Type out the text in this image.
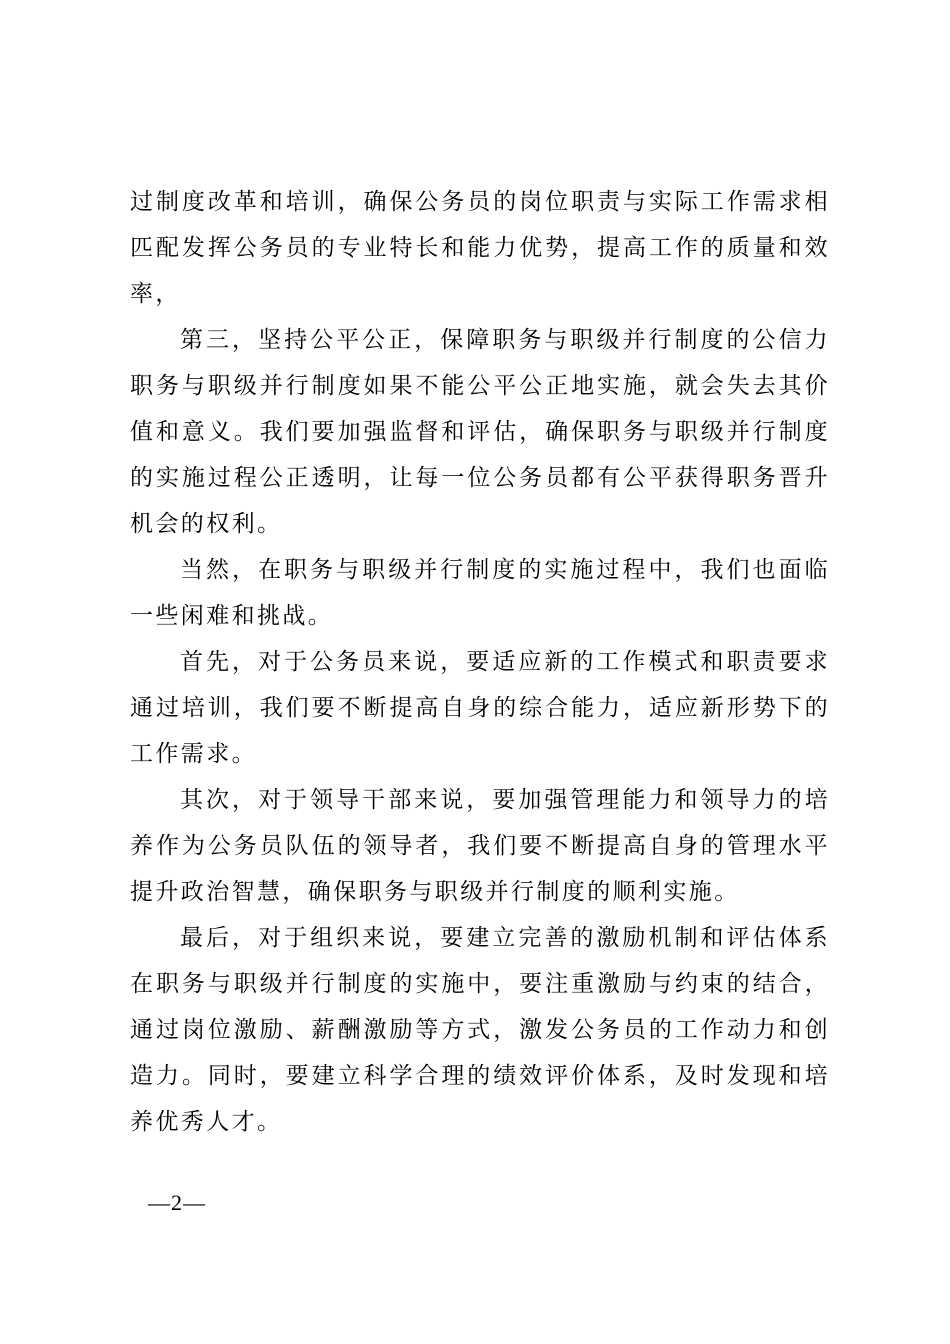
过制度改革和培训，确保公务员的岗位职责与实际工作需求相匹配发挥公务员的专业特长和能力优势，提高工作的质量和效率，

第三，坚持公平公正，保障职务与职级并行制度的公信力职务与职级并行制度如果不能公平公正地实施，就会失去其价值和意义。我们要加强监督和评估，确保职务与职级并行制度的实施过程公正透明，让每一位公务员都有公平获得职务晋升机会的权利。

当然，在职务与职级并行制度的实施过程中，我们也面临一些闲难和挑战。

首先，对于公务员来说，要适应新的工作模式和职责要求通过培训，我们要不断提高自身的综合能力，适应新形势下的工作需求。

其次，对于领导干部来说，要加强管理能力和领导力的培养作为公务员队伍的领导者，我们要不断提高自身的管理水平提升政治智慧，确保职务与职级并行制度的顺利实施。

最后，对于组织来说，要建立完善的激励机制和评估体系在职务与职级并行制度的实施中，要注重激励与约束的结合，通过岗位激励、薪酬激励等方式，激发公务员的工作动力和创造力。同时，要建立科学合理的绩效评价体系，及时发现和培养优秀人才。

—2—
